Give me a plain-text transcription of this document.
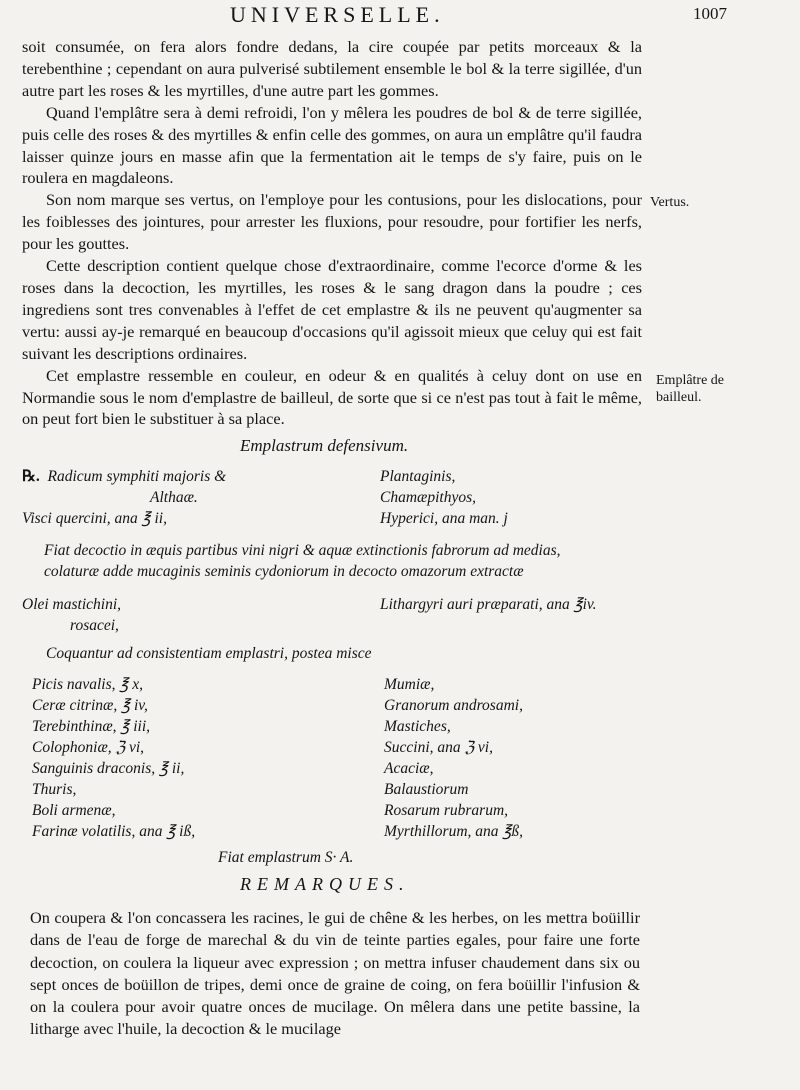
UNIVERSELLE.	1007

soit consumée, on fera alors fondre dedans, la cire coupée par petits morceaux & la terebenthine ; cependant on aura pulverisé subtilement ensemble le bol & la terre sigillée, d'un autre part les roses & les myrtilles, d'une autre part les gommes.

Quand l'emplâtre sera à demi refroidi, l'on y mêlera les poudres de bol & de terre sigillée, puis celle des roses & des myrtilles & enfin celle des gommes, on aura un emplâtre qu'il faudra laisser quinze jours en masse afin que la fermentation ait le temps de s'y faire, puis on le roulera en magdaleons.

Son nom marque ses vertus, on l'employe pour les contusions, pour les dislocations, pour les foiblesses des jointures, pour arrester les fluxions, pour resoudre, pour fortifier les nerfs, pour les gouttes.

Cette description contient quelque chose d'extraordinaire, comme l'ecorce d'orme & les roses dans la decoction, les myrtilles, les roses & le sang dragon dans la poudre ; ces ingrediens sont tres convenables à l'effet de cet emplastre & ils ne peuvent qu'augmenter sa vertu: aussi ay-je remarqué en beaucoup d'occasions qu'il agissoit mieux que celuy qui est fait suivant les descriptions ordinaires.

Cet emplastre ressemble en couleur, en odeur & en qualités à celuy dont on use en Normandie sous le nom d'emplastre de bailleul, de sorte que si ce n'est pas tout à fait le même, on peut fort bien le substituer à sa place.

Vertus.
Emplâtre de
bailleul.
Emplastrum defensivum.
℞. Radicum symphiti majoris &	Plantaginis,
Althaæ.	Chamæpithyos,
Visci quercini, ana ℥ ii,	Hyperici, ana man. j
Fiat decoctio in æquis partibus vini nigri & aquæ extinctionis fabrorum ad medias,
colaturæ adde mucaginis seminis cydoniorum in decocto omazorum extractæ
Olei mastichini,	Lithargyri auri præparati, ana ℥iv.
rosacei,
Coquantur ad consistentiam emplastri, postea misce
Picis navalis, ℥ x,	Mumiæ,
Ceræ citrinæ, ℥ iv,	Granorum androsami,
Terebinthinæ, ℥ iii,	Mastiches,
Colophoniæ, ℨ vi,	Succini, ana ℨ vi,
Sanguinis draconis, ℥ ii,	Acaciæ,
Thuris,	Balaustiorum
Boli armenæ,	Rosarum rubrarum,
Farinæ volatilis, ana ℥ iß,	Myrthillorum, ana ℥ß,
Fiat emplastrum S· A.
REMARQUES.

On coupera & l'on concassera les racines, le gui de chêne & les herbes, on les mettra boüillir dans de l'eau de forge de marechal & du vin de teinte parties egales, pour faire une forte decoction, on coulera la liqueur avec expression ; on mettra infuser chaudement dans six ou sept onces de boüillon de tripes, demi once de graine de coing, on fera boüillir l'infusion & on la coulera pour avoir quatre onces de mucilage. On mêlera dans une petite bassine, la litharge avec l'huile, la decoction & le mucilage
